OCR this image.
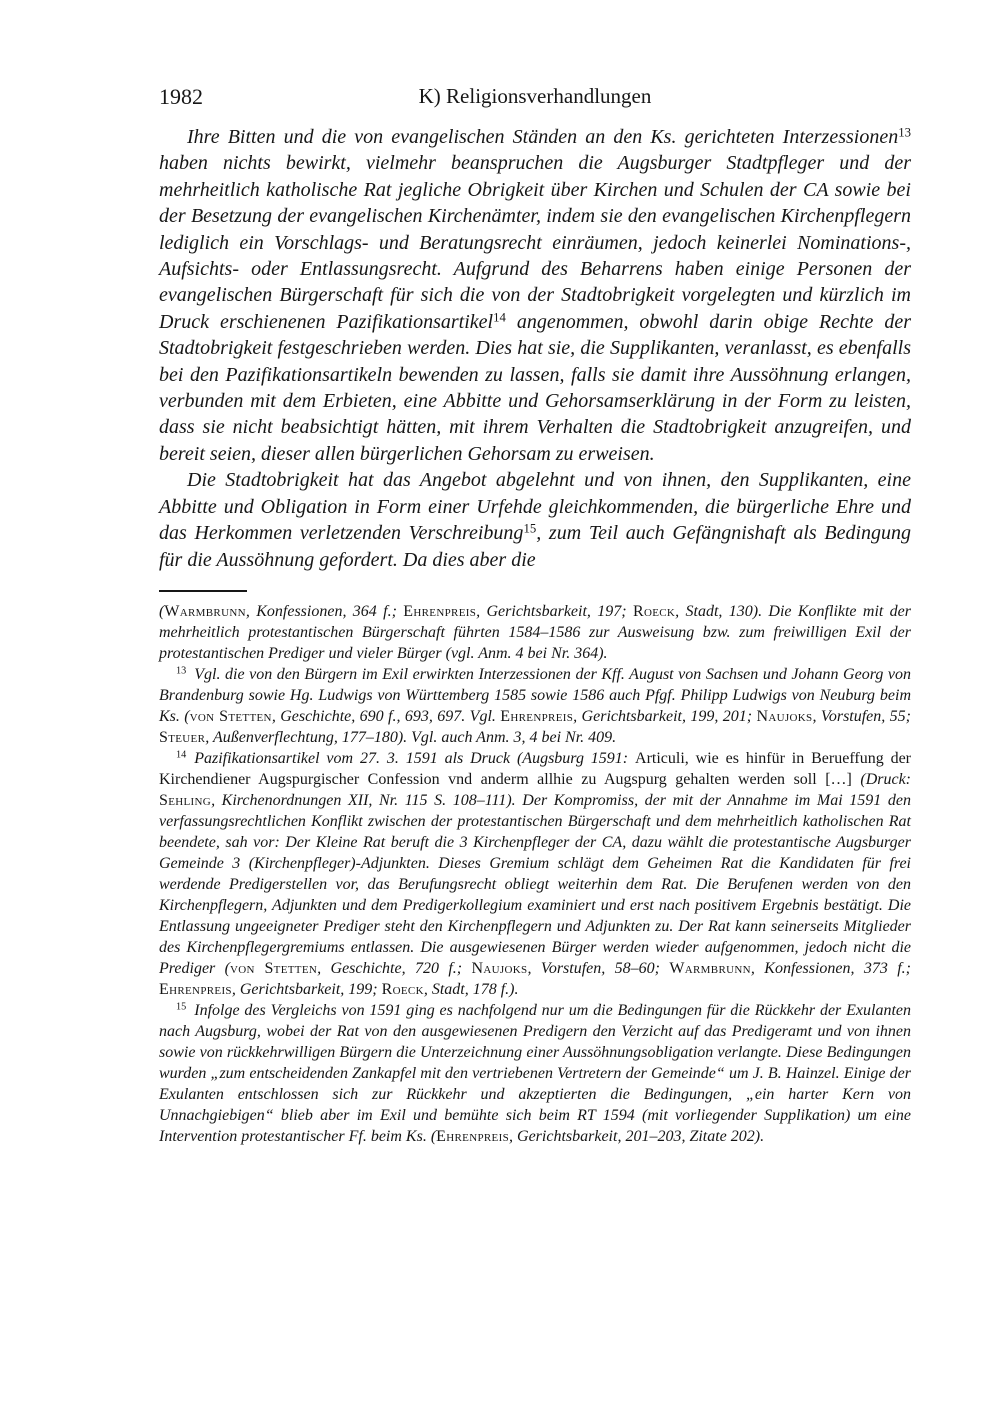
1982	K) Religionsverhandlungen

Ihre Bitten und die von evangelischen Ständen an den Ks. gerichteten Interzessionen$^{13}$ haben nichts bewirkt, vielmehr beanspruchen die Augsburger Stadtpfleger und der mehrheitlich katholische Rat jegliche Obrigkeit über Kirchen und Schulen der CA sowie bei der Besetzung der evangelischen Kirchenämter, indem sie den evangelischen Kirchenpflegern lediglich ein Vorschlags- und Beratungsrecht einräumen, jedoch keinerlei Nominations-, Aufsichts- oder Entlassungsrecht. Aufgrund des Beharrens haben einige Personen der evangelischen Bürgerschaft für sich die von der Stadtobrigkeit vorgelegten und kürzlich im Druck erschienenen Pazifikationsartikel$^{14}$ angenommen, obwohl darin obige Rechte der Stadtobrigkeit festgeschrieben werden. Dies hat sie, die Supplikanten, veranlasst, es ebenfalls bei den Pazifikationsartikeln bewenden zu lassen, falls sie damit ihre Aussöhnung erlangen, verbunden mit dem Erbieten, eine Abbitte und Gehorsamserklärung in der Form zu leisten, dass sie nicht beabsichtigt hätten, mit ihrem Verhalten die Stadtobrigkeit anzugreifen, und bereit seien, dieser allen bürgerlichen Gehorsam zu erweisen.

Die Stadtobrigkeit hat das Angebot abgelehnt und von ihnen, den Supplikanten, eine Abbitte und Obligation in Form einer Urfehde gleichkommenden, die bürgerliche Ehre und das Herkommen verletzenden Verschreibung$^{15}$, zum Teil auch Gefängnishaft als Bedingung für die Aussöhnung gefordert. Da dies aber die

(Warmbrunn, Konfessionen, 364 f.; Ehrenpreis, Gerichtsbarkeit, 197; Roeck, Stadt, 130). Die Konflikte mit der mehrheitlich protestantischen Bürgerschaft führten 1584–1586 zur Ausweisung bzw. zum freiwilligen Exil der protestantischen Prediger und vieler Bürger (vgl. Anm. 4 bei Nr. 364).

$^{13}$  Vgl. die von den Bürgern im Exil erwirkten Interzessionen der Kff. August von Sachsen und Johann Georg von Brandenburg sowie Hg. Ludwigs von Württemberg 1585 sowie 1586 auch Pfgf. Philipp Ludwigs von Neuburg beim Ks. (von Stetten, Geschichte, 690 f., 693, 697. Vgl. Ehrenpreis, Gerichtsbarkeit, 199, 201; Naujoks, Vorstufen, 55; Steuer, Außenverflechtung, 177–180). Vgl. auch Anm. 3, 4 bei Nr. 409.

$^{14}$  Pazifikationsartikel vom 27. 3. 1591 als Druck (Augsburg 1591: Articuli, wie es hinfür in Berueffung der Kirchendiener Augspurgischer Confession vnd anderm allhie zu Augspurg gehalten werden soll […] (Druck: Sehling, Kirchenordnungen XII, Nr. 115 S. 108–111). Der Kompromiss, der mit der Annahme im Mai 1591 den verfassungsrechtlichen Konflikt zwischen der protestantischen Bürgerschaft und dem mehrheitlich katholischen Rat beendete, sah vor: Der Kleine Rat beruft die 3 Kirchenpfleger der CA, dazu wählt die protestantische Augsburger Gemeinde 3 (Kirchenpfleger)-Adjunkten. Dieses Gremium schlägt dem Geheimen Rat die Kandidaten für frei werdende Predigerstellen vor, das Berufungsrecht obliegt weiterhin dem Rat. Die Berufenen werden von den Kirchenpflegern, Adjunkten und dem Predigerkollegium examiniert und erst nach positivem Ergebnis bestätigt. Die Entlassung ungeeigneter Prediger steht den Kirchenpflegern und Adjunkten zu. Der Rat kann seinerseits Mitglieder des Kirchenpflegergremiums entlassen. Die ausgewiesenen Bürger werden wieder aufgenommen, jedoch nicht die Prediger (von Stetten, Geschichte, 720 f.; Naujoks, Vorstufen, 58–60; Warmbrunn, Konfessionen, 373 f.; Ehrenpreis, Gerichtsbarkeit, 199; Roeck, Stadt, 178 f.).

$^{15}$  Infolge des Vergleichs von 1591 ging es nachfolgend nur um die Bedingungen für die Rückkehr der Exulanten nach Augsburg, wobei der Rat von den ausgewiesenen Predigern den Verzicht auf das Predigeramt und von ihnen sowie von rückkehrwilligen Bürgern die Unterzeichnung einer Aussöhnungsobligation verlangte. Diese Bedingungen wurden „zum entscheidenden Zankapfel mit den vertriebenen Vertretern der Gemeinde“ um J. B. Hainzel. Einige der Exulanten entschlossen sich zur Rückkehr und akzeptierten die Bedingungen, „ein harter Kern von Unnachgiebigen“ blieb aber im Exil und bemühte sich beim RT 1594 (mit vorliegender Supplikation) um eine Intervention protestantischer Ff. beim Ks. (Ehrenpreis, Gerichtsbarkeit, 201–203, Zitate 202).
